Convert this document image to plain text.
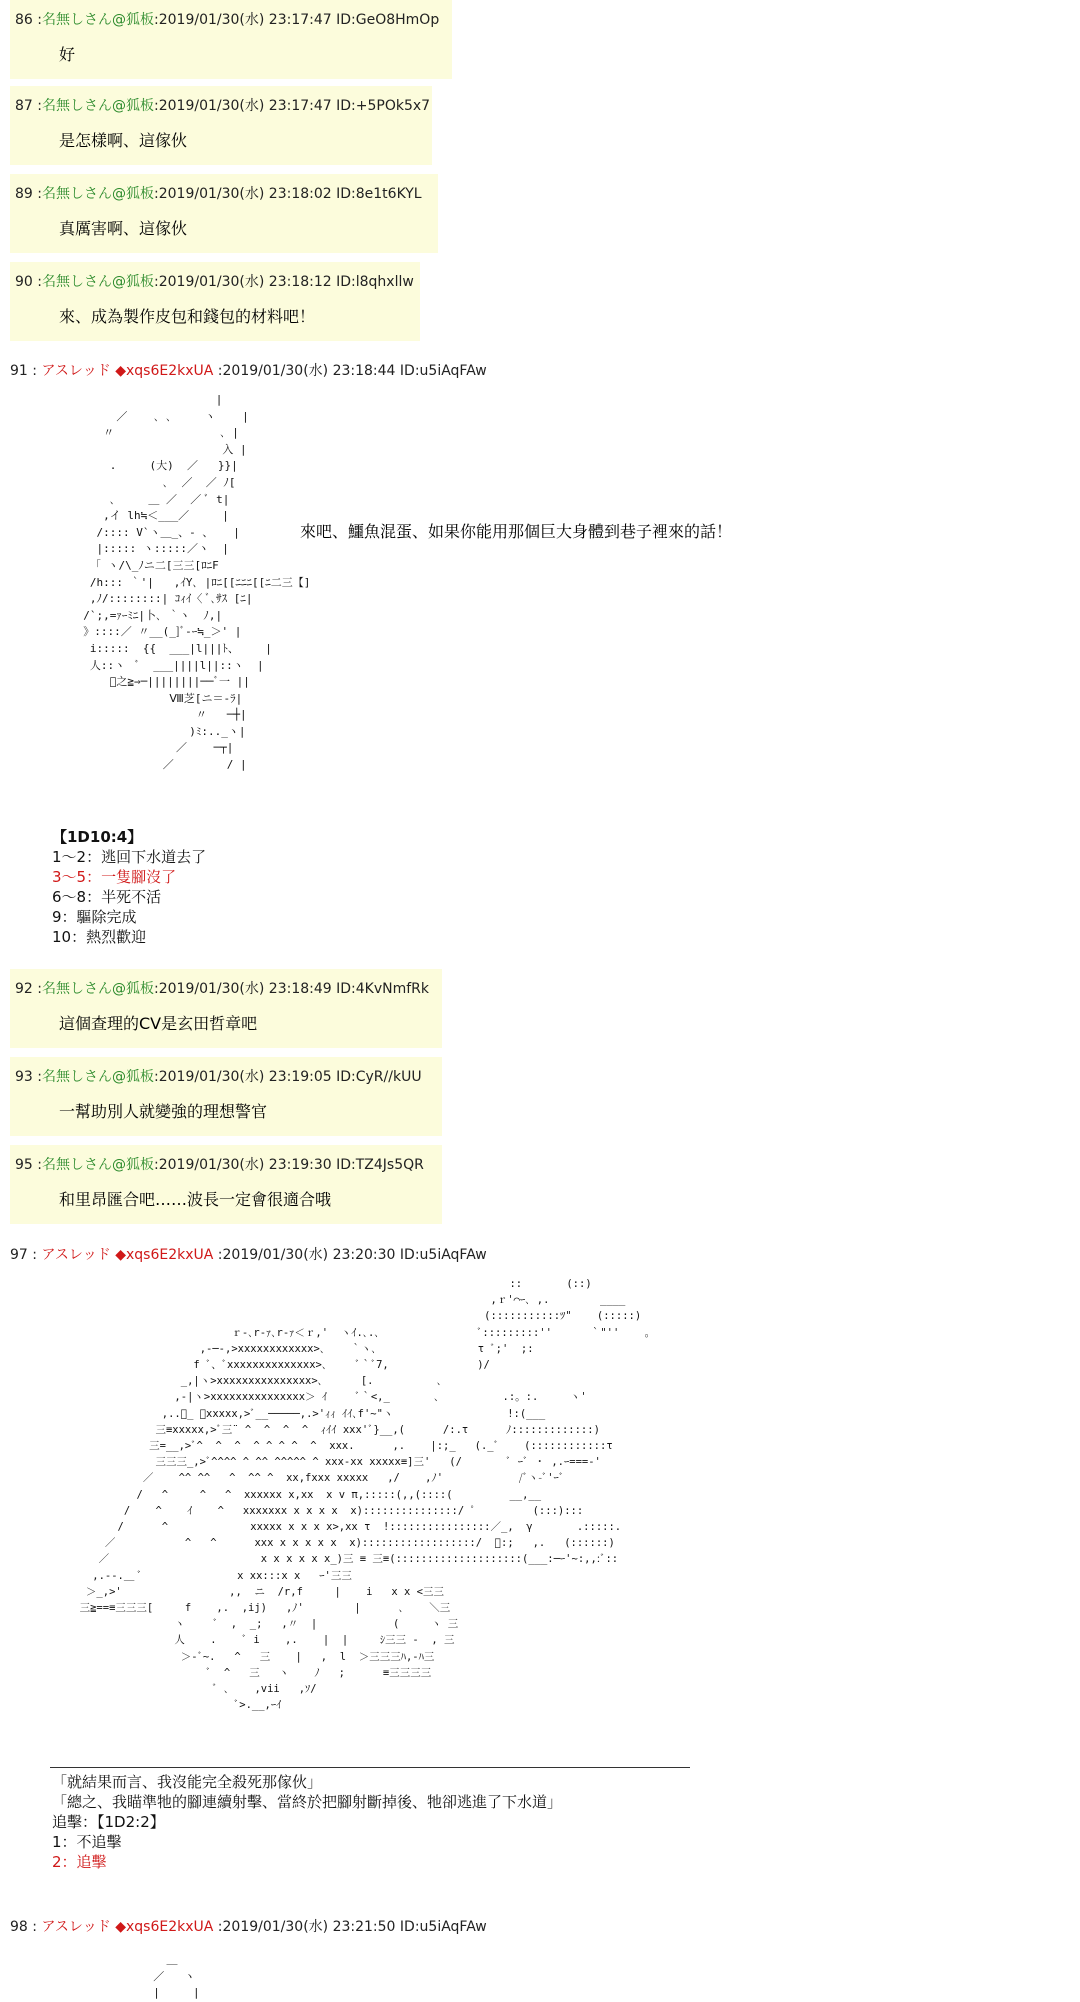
86 :名無しさん@狐板:2019/01/30(水) 23:17:47 ID:GeO8HmOp
好
87 :名無しさん@狐板:2019/01/30(水) 23:17:47 ID:+5POk5x7
是怎樣啊、這傢伙
89 :名無しさん@狐板:2019/01/30(水) 23:18:02 ID:8e1t6KYL
真厲害啊、這傢伙
90 :名無しさん@狐板:2019/01/30(水) 23:18:12 ID:l8qhxllw
來、成為製作皮包和錢包的材料吧！
91 : アスレッド ◆xqs6E2kxUA :2019/01/30(水) 23:18:44 ID:u5iAqFAw
|
／    ､ ､     ヽ    |
〃                ､ |
入 |
.     (大)  ／   }}|
､  ／  ／ ﾉ[
､     ＿ ／  ／ ﾞ t|
,イ lh≒＜___／     |
/:::: V`ヽ＿_、- 、   |
|::::: ヽ:::::／ヽ  |
「 ヽ/\_ﾉニ二[三三[ﾛﾆF
/h::: ｀'|   ,ｲY､ |ﾛﾆ[[ﾆﾆﾆ[[ﾆ二三【]
,ﾉ/::::::::| ｺｨｲ〈 ﾞ､ｻｽ [ﾆ|
/`;,=ｧｰﾐﾆ|卜､ ｀ヽ  ﾉ,|
》::::／ 〃__(_]ﾞ-ｰ≒_＞' |
i:::::  {{  ___|l|||ﾄ、    |
人::ヽ  ﾞ  ___||||l||::ヽ  |
ﾞ之≧⇒─||||||||──ﾞ一 ||
Ⅷ芝[ニ＝-ﾗ|
〃   ─┼|
)ﾐ:.._ヽ|
／    ─┬|
／        / |
來吧、鱷魚混蛋、如果你能用那個巨大身體到巷子裡來的話！
【1D10:4】
1～2：逃回下水道去了
3～5：一隻腳沒了
6～8：半死不活
9：驅除完成
10：熱烈歡迎
92 :名無しさん@狐板:2019/01/30(水) 23:18:49 ID:4KvNmfRk
這個查理的CV是玄田哲章吧
93 :名無しさん@狐板:2019/01/30(水) 23:19:05 ID:CyR//kUU
一幫助別人就變強的理想警官
95 :名無しさん@狐板:2019/01/30(水) 23:19:30 ID:TZ4Js5QR
和里昂匯合吧……波長一定會很適合哦
97 : アスレッド ◆xqs6E2kxUA :2019/01/30(水) 23:20:30 ID:u5iAqFAw
::       (::)
,ｒ'⌒ｰ､ ,.        ____
(:::::::::::ﾂ"    (:::::)
ｒ‐､r‐ｧ､r‐ｧ＜ｒ,'  ヽｲ.､.､                ﾞ:::::::::''      ｀"''    。
,-─-,>xxxxxxxxxxxx>､    ｀ヽ､                τ ﾞ;'  ;:
f ﾞ、ﾞxxxxxxxxxxxxxx>､     ﾞ｀ﾞ7,              )/
_,|ヽ>xxxxxxxxxxxxxxx>､      [.          ､
,-|ヽ>xxxxxxxxxxxxxxx＞ ｲ     ﾞ｀<,_       ､          .:。:.     ヽ'
,..ﾞ_ ､xxxxx,>ﾞ__─────,.>'ｨｨ ｲｲ､f'~"ヽ                  !:(___
三≡xxxxx,>ﾞ三¨ ^  ^  ^  ^  ｨｲｲ xxx'ﾞ}__,(      /:.τ      ﾉ:::::::::::::)
三=__,>ﾞ^  ^  ^  ^ ^ ^ ^  ^  xxx.      ,.    |:;_   (._ﾞ    (::::::::::::τ
三三三_,>ﾞ^^^^ ^ ^^ ^^^^^ ^ xxx-xx xxxxx≡]三'   (/       ﾞ ｰﾞ ・ ,.ｰ===-'
／    ^^ ^^   ^  ^^ ^  xx,fxxx xxxxx   ,/    ,ﾉ'            /ﾞヽ-ﾞ'ｰﾞ
/   ^     ^   ^  xxxxxx x,xx  x v π,:::::(,,(::::(         __,__
/    ^    ｲ    ^   xxxxxxx x x x x  x):::::::::::::::/ ﾟ         (:::):::
/      ^             xxxxx x x x x>,xx τ  !::::::::::::::::／_,  γ       .:::::.
／           ^   ^      xxx x x x x x  x)::::::::::::::::::/  ﾞ:;   ,.   (::::::)
／                        x x x x x x_)三 ≡ 三≡(::::::::::::::::::::(___:─ｰ'~:,,:ﾞ::
,.--.＿ ﾞ               x xx:::x x   ｰ'三三
＞_,>'                 ,,  ニ  /r,f     |    i   x x <三三
三≧==≡三三三[     f    ,.  ,ij)   ,ﾉ'        |      ､    ＼三
ヽ     ﾞ  ,  _;   ,〃  |            (     ヽ 三
人    .    ﾞ i    ,.    |  |     ｼ三三 -  , 三
＞-ﾞ~.   ^   三    |   ,  l  ＞三三三ﾊ,-ﾊ三
ﾞ  ^   三   ヽ    ﾉ   ;      ≡三三三三
ﾞ ､    ,vii   ,ｿ/
ﾞ>.__,ｰｲ
「就結果而言、我沒能完全殺死那傢伙」
「總之、我瞄準牠的腳連續射擊、當終於把腳射斷掉後、牠卻逃進了下水道」
追擊：【1D2:2】
1：不追擊
2：追擊
98 : アスレッド ◆xqs6E2kxUA :2019/01/30(水) 23:21:50 ID:u5iAqFAw
＿
／   ヽ
|     |
